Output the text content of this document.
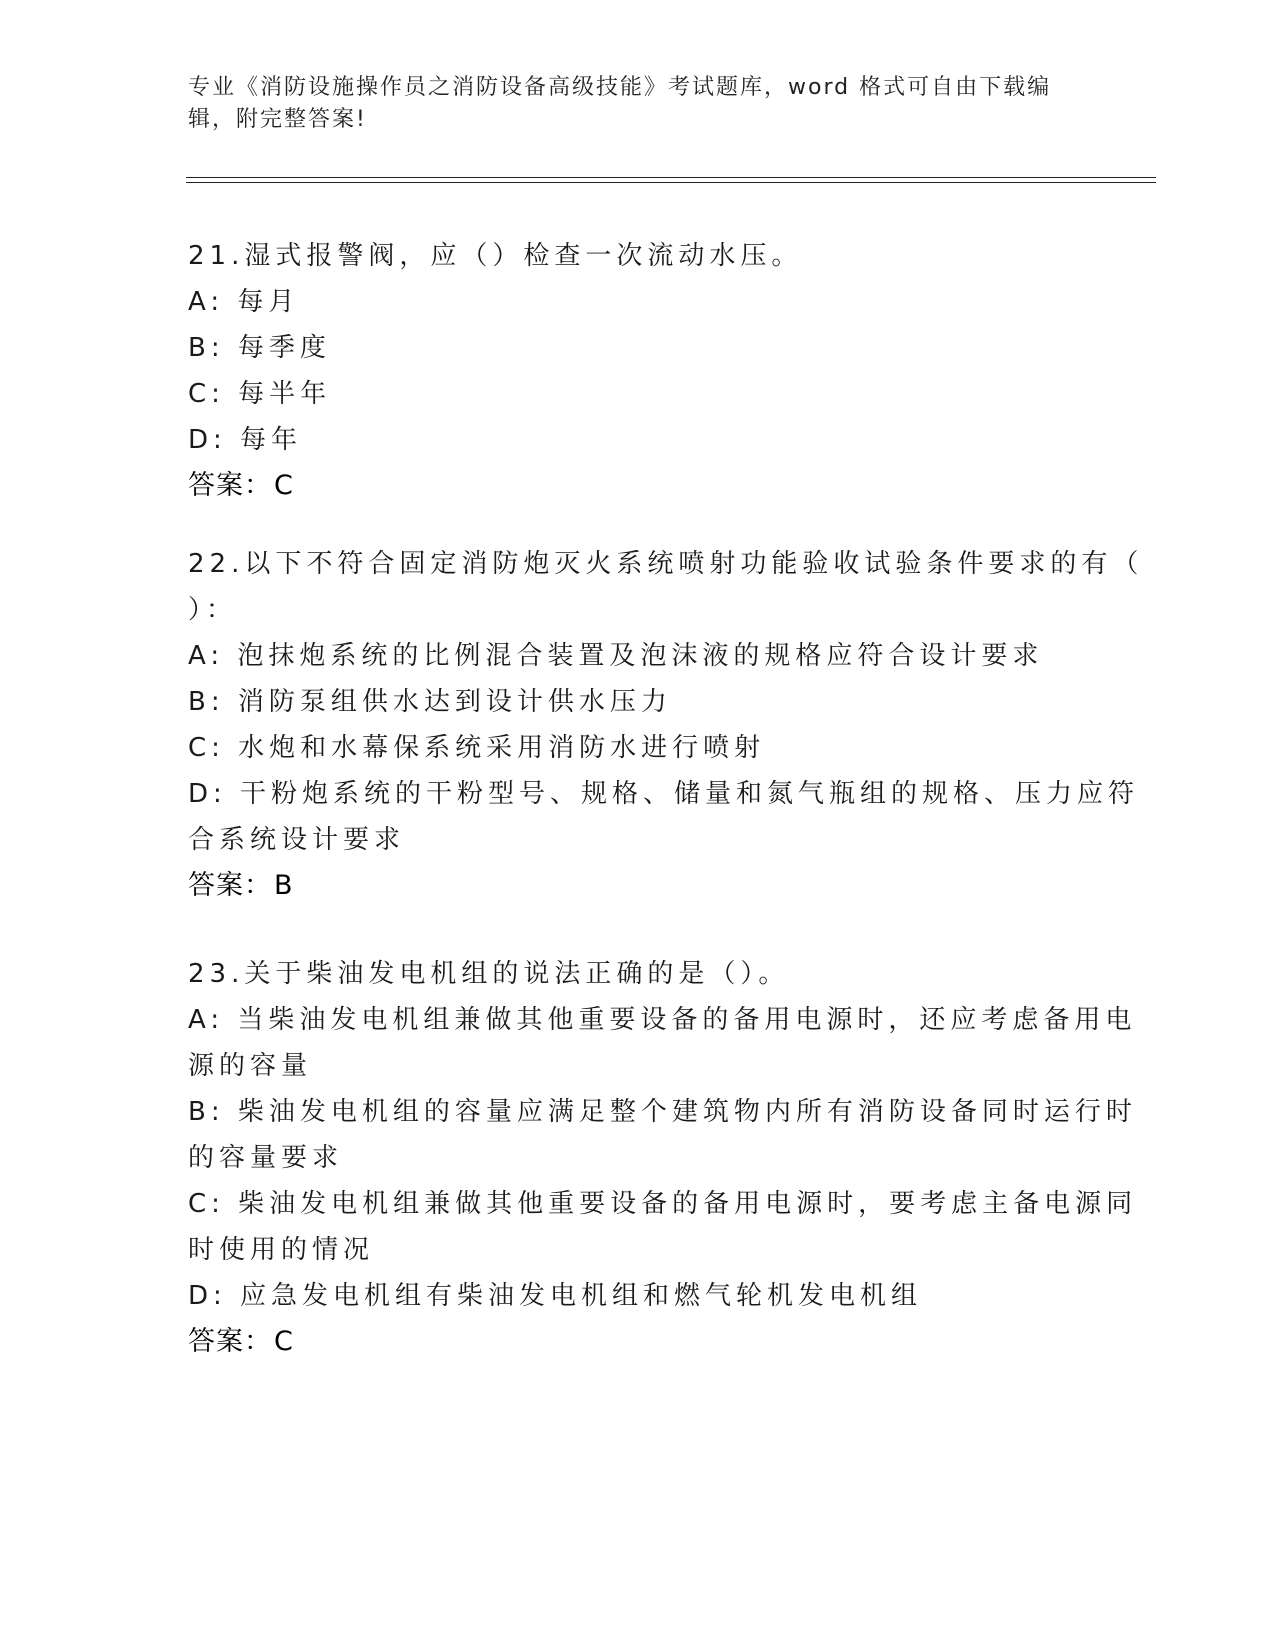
专业《消防设施操作员之消防设备高级技能》考试题库，word 格式可自由下载编
辑，附完整答案!
21.湿式报警阀，应（）检查一次流动水压。
A: 每月
B: 每季度
C: 每半年
D: 每年
答案：C
22.以下不符合固定消防炮灭火系统喷射功能验收试验条件要求的有（
）：
A: 泡抹炮系统的比例混合装置及泡沫液的规格应符合设计要求
B: 消防泵组供水达到设计供水压力
C: 水炮和水幕保系统采用消防水进行喷射
D: 干粉炮系统的干粉型号、规格、储量和氮气瓶组的规格、压力应符
合系统设计要求
答案：B
23.关于柴油发电机组的说法正确的是（）。
A: 当柴油发电机组兼做其他重要设备的备用电源时，还应考虑备用电
源的容量
B: 柴油发电机组的容量应满足整个建筑物内所有消防设备同时运行时
的容量要求
C: 柴油发电机组兼做其他重要设备的备用电源时，要考虑主备电源同
时使用的情况
D: 应急发电机组有柴油发电机组和燃气轮机发电机组
答案：C
